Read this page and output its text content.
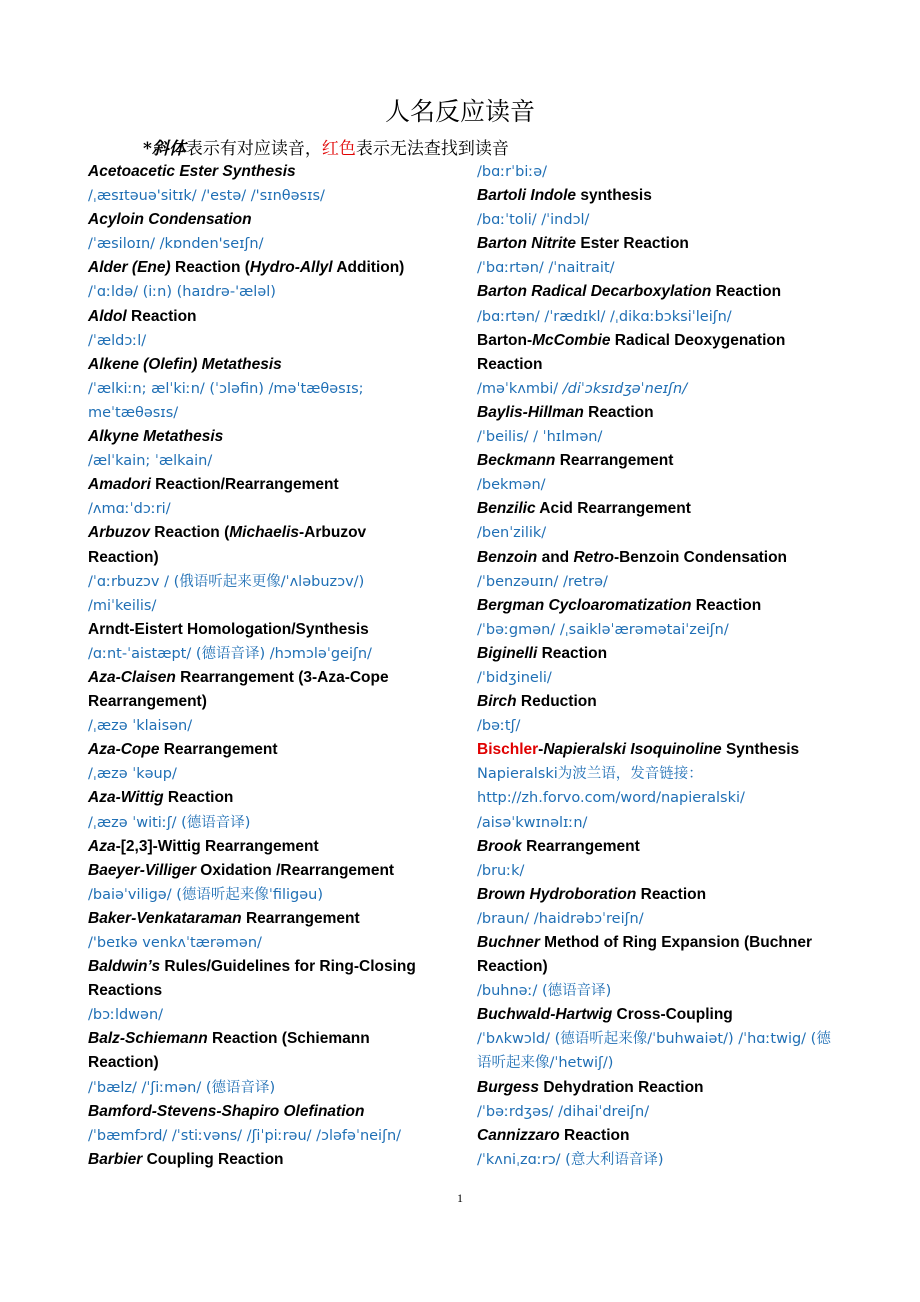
人名反应读音
*斜体表示有对应读音，红色表示无法查找到读音
Acetoacetic Ester Synthesis
/ˌæsɪtəuə'sitɪk/ /'estə/ /'sɪnθəsɪs/
Acyloin Condensation
/ˈæsiloɪn/ /kɒnden'seɪʃn/
Alder (Ene) Reaction (Hydro-Allyl Addition)
/ˈɑːldə/ (iːn) (haɪdrə-'æləl)
Aldol Reaction
/ˈældɔːl/
Alkene (Olefin) Metathesis
/ˈælkiːn; ælˈkiːn/ (ˈɔləfin) /məˈtæθəsɪs;
meˈtæθəsɪs/
Alkyne Metathesis
/ælˈkain; ˈælkain/
Amadori Reaction/Rearrangement
/ʌmɑːˈdɔːri/
Arbuzov Reaction (Michaelis-Arbuzov
Reaction)
/ˈɑːrbuzɔv / (俄语听起来更像/ˈʌləbuzɔv/)
/miˈkeilis/
Arndt-Eistert Homologation/Synthesis
/ɑːnt-ˈaistæpt/ (德语音译) /hɔmɔləˈgeiʃn/
Aza-Claisen Rearrangement (3-Aza-Cope
Rearrangement)
/ˌæzə ˈklaisən/
Aza-Cope Rearrangement
/ˌæzə ˈkəup/
Aza-Wittig Reaction
/ˌæzə ˈwitiːʃ/ (德语音译)
Aza-[2,3]-Wittig Rearrangement
Baeyer-Villiger Oxidation /Rearrangement
/baiəˈviligə/ (德语听起来像ˈfiligəu)
Baker-Venkataraman Rearrangement
/'beɪkə venkʌˈtærəmən/
Baldwin’s Rules/Guidelines for Ring-Closing
Reactions
/bɔːldwən/
Balz-Schiemann Reaction (Schiemann
Reaction)
/ˈbælz/ /ˈʃiːmən/ (德语音译)
Bamford-Stevens-Shapiro Olefination
/ˈbæmfɔrd/ /ˈstiːvəns/ /ʃiˈpiːrəu/ /ɔləfəˈneiʃn/
Barbier Coupling Reaction
/bɑːrˈbiːə/
Bartoli Indole synthesis
/bɑːˈtoli/ /ˈindɔl/
Barton Nitrite Ester Reaction
/ˈbɑːrtən/ /ˈnaitrait/
Barton Radical Decarboxylation Reaction
/bɑːrtən/ /ˈrædɪkl/ /ˌdikɑːbɔksiˈleiʃn/
Barton-McCombie Radical Deoxygenation
Reaction
/məˈkʌmbi/ /diˈɔksɪdʒəˈneɪʃn/
Baylis-Hillman Reaction
/ˈbeilis/ / ˈhɪlmən/
Beckmann Rearrangement
/bekmən/
Benzilic Acid Rearrangement
/benˈzilik/
Benzoin and Retro-Benzoin Condensation
/ˈbenzəuɪn/ /retrə/
Bergman Cycloaromatization Reaction
/ˈbəːgmən/ /ˌsaikləˈærəmətaiˈzeiʃn/
Biginelli Reaction
/ˈbidʒineli/
Birch Reduction
/bəːtʃ/
Bischler-Napieralski Isoquinoline Synthesis
Napieralski为波兰语，发音链接：
http://zh.forvo.com/word/napieralski/
/aisəˈkwɪnəlɪːn/
Brook Rearrangement
/bruːk/
Brown Hydroboration Reaction
/braun/ /haidrəbɔˈreiʃn/
Buchner Method of Ring Expansion (Buchner
Reaction)
/buhnəː/ (德语音译)
Buchwald-Hartwig Cross-Coupling
/ˈbʌkwɔld/ (德语听起来像/ˈbuhwaiət/) /ˈhɑːtwig/ (德
语听起来像/ˈhetwiʃ/)
Burgess Dehydration Reaction
/ˈbəːrdʒəs/ /dihaiˈdreiʃn/
Cannizzaro Reaction
/ˈkʌniˌzɑːrɔ/ (意大利语音译)
1
